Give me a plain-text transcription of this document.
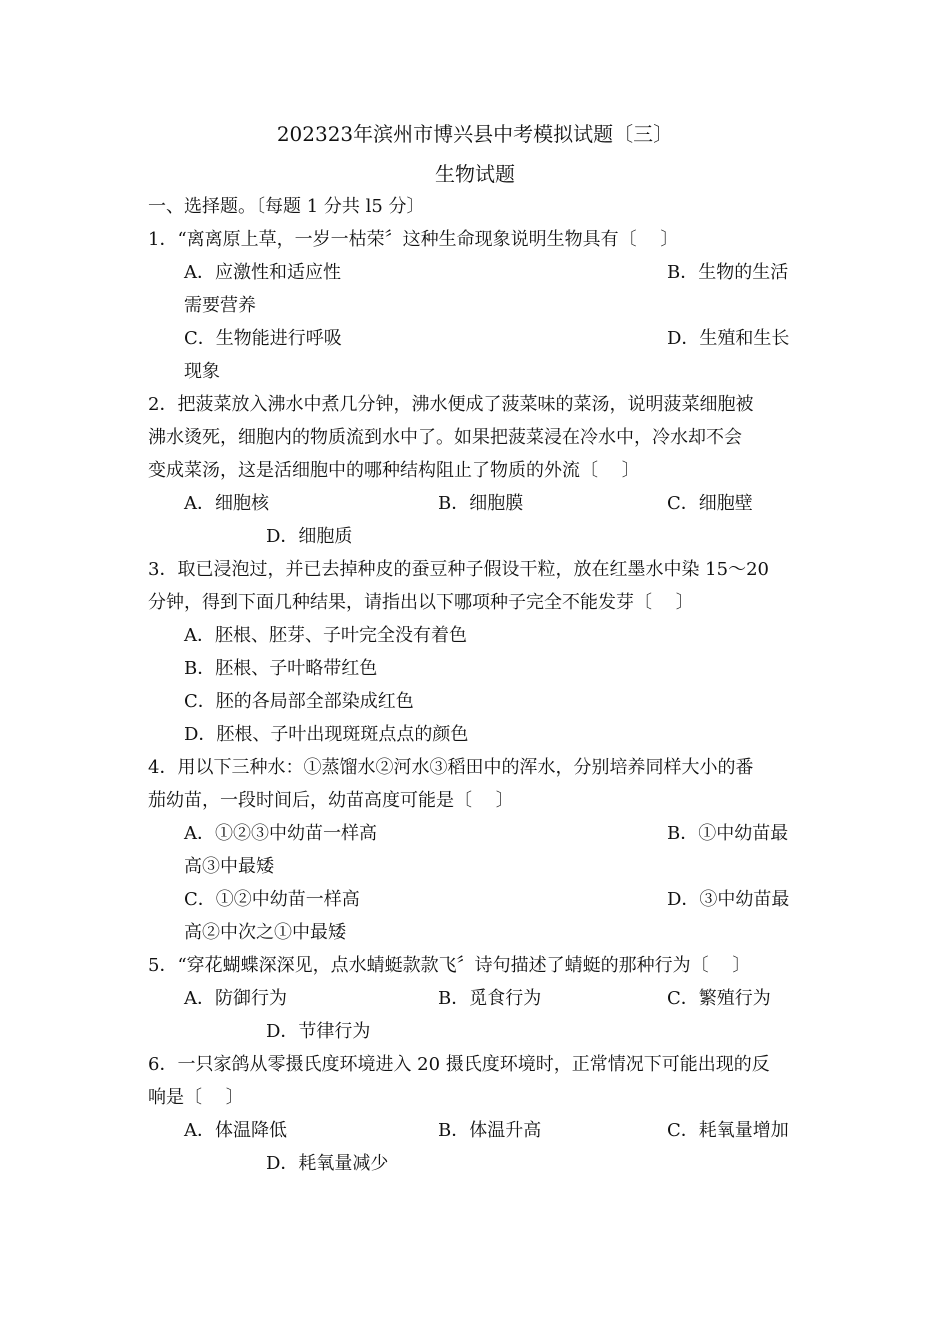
202323年滨州市博兴县中考模拟试题〔三〕
生物试题
一、选择题。〔每题 1 分共 l5 分〕
1．“离离原上草，一岁一枯荣〞这种生命现象说明生物具有〔　 〕
A．应激性和适应性	B．生物的生活
需要营养
C．生物能进行呼吸	D．生殖和生长
现象
2．把菠菜放入沸水中煮几分钟，沸水便成了菠菜味的菜汤，说明菠菜细胞被
沸水烫死，细胞内的物质流到水中了。如果把菠菜浸在冷水中，冷水却不会
变成菜汤，这是活细胞中的哪种结构阻止了物质的外流〔　 〕
A．细胞核	B．细胞膜	C．细胞壁
D．细胞质
3．取已浸泡过，并已去掉种皮的蚕豆种子假设干粒，放在红墨水中染 15～20
分钟，得到下面几种结果，请指出以下哪项种子完全不能发芽〔　 〕
A．胚根、胚芽、子叶完全没有着色
B．胚根、子叶略带红色
C．胚的各局部全部染成红色
D．胚根、子叶出现斑斑点点的颜色
4．用以下三种水：①蒸馏水②河水③稻田中的浑水，分别培养同样大小的番
茄幼苗，一段时间后，幼苗高度可能是〔　 〕
A．①②③中幼苗一样高	B．①中幼苗最
高③中最矮
C．①②中幼苗一样高	D．③中幼苗最
高②中次之①中最矮
5．“穿花蝴蝶深深见，点水蜻蜓款款飞〞诗句描述了蜻蜓的那种行为〔　 〕
A．防御行为	B．觅食行为	C．繁殖行为
D．节律行为
6．一只家鸽从零摄氏度环境进入 20 摄氏度环境时，正常情况下可能出现的反
响是〔　 〕
A．体温降低	B．体温升高	C．耗氧量增加
D．耗氧量减少
